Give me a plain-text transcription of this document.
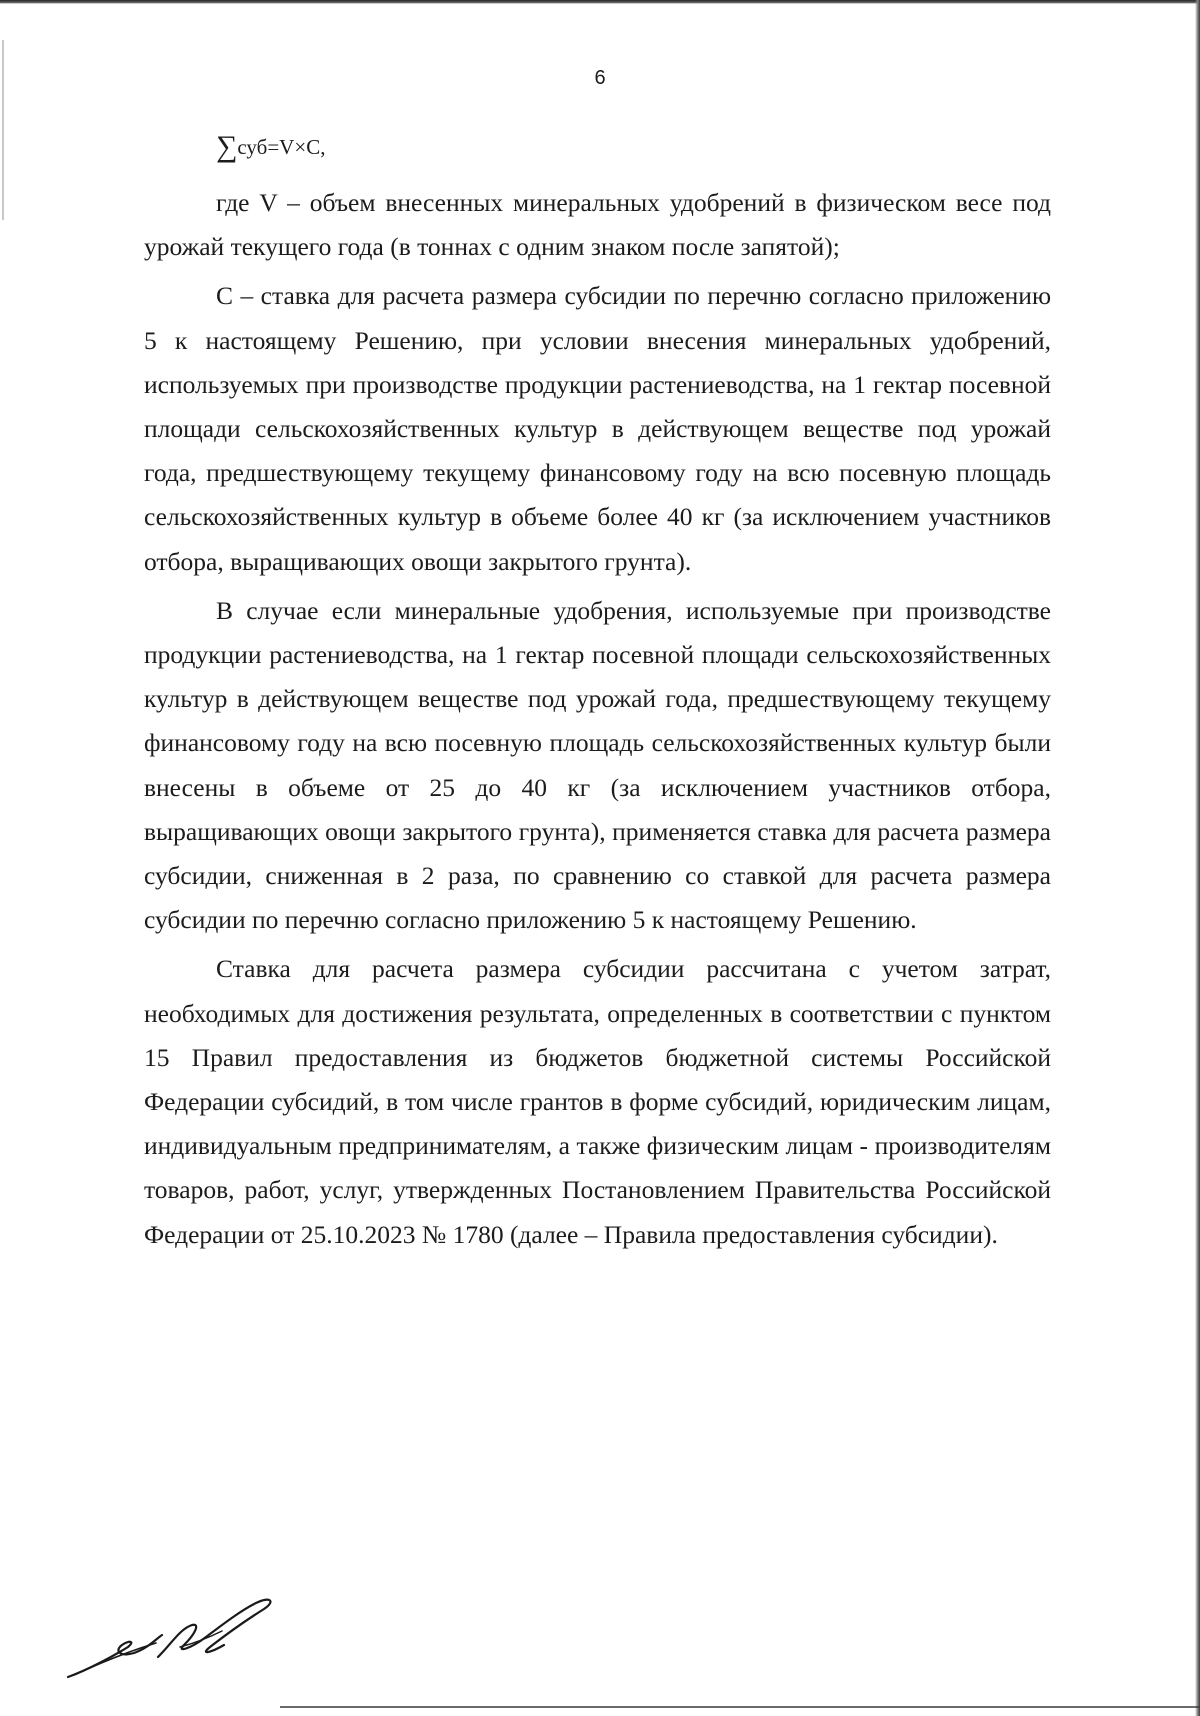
6
∑суб=V×C,

где V – объем внесенных минеральных удобрений в физическом весе под урожай текущего года (в тоннах с одним знаком после запятой);

С – ставка для расчета размера субсидии по перечню согласно приложению 5 к настоящему Решению, при условии внесения минеральных удобрений, используемых при производстве продукции растениеводства, на 1 гектар посевной площади сельскохозяйственных культур в действующем веществе под урожай года, предшествующему текущему финансовому году на всю посевную площадь сельскохозяйственных культур в объеме более 40 кг (за исключением участников отбора, выращивающих овощи закрытого грунта).

В случае если минеральные удобрения, используемые при производстве продукции растениеводства, на 1 гектар посевной площади сельскохозяйственных культур в действующем веществе под урожай года, предшествующему текущему финансовому году на всю посевную площадь сельскохозяйственных культур были внесены в объеме от 25 до 40 кг (за исключением участников отбора, выращивающих овощи закрытого грунта), применяется ставка для расчета размера субсидии, сниженная в 2 раза, по сравнению со ставкой для расчета размера субсидии по перечню согласно приложению 5 к настоящему Решению.

Ставка для расчета размера субсидии рассчитана с учетом затрат, необходимых для достижения результата, определенных в соответствии с пунктом 15 Правил предоставления из бюджетов бюджетной системы Российской Федерации субсидий, в том числе грантов в форме субсидий, юридическим лицам, индивидуальным предпринимателям, а также физическим лицам - производителям товаров, работ, услуг, утвержденных Постановлением Правительства Российской Федерации от 25.10.2023 № 1780 (далее – Правила предоставления субсидии).
